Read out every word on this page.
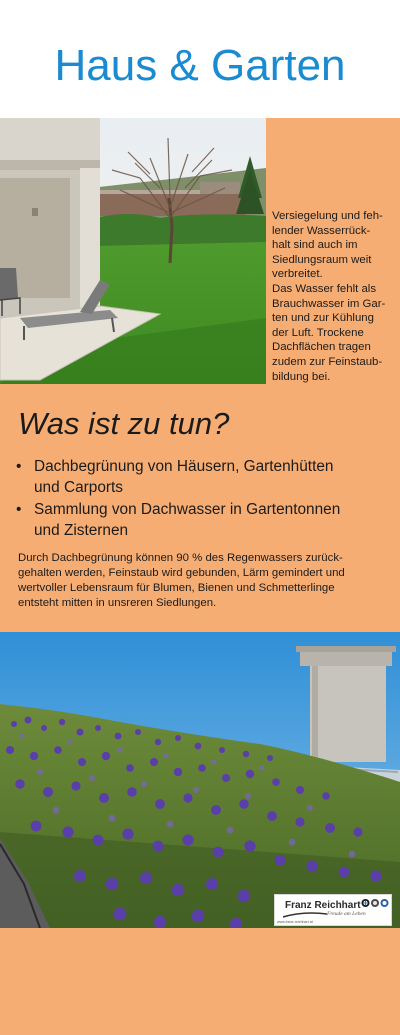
Haus & Garten

Versiegelung und feh-

lender Wasserrück-

halt sind auch im

Siedlungsraum weit

verbreitet.

Das Wasser fehlt als

Brauchwasser im Gar-

ten und zur Kühlung

der Luft. Trockene

Dachflächen tragen

zudem zur Feinstaub-

bildung bei.

Was ist zu tun?
• Dachbegrünung von Häusern, Gartenhütten
und Carports
• Sammlung von Dachwasser in Gartentonnen
und Zisternen
Durch Dachbegrünung können 90 % des Regenwassers zurück-
gehalten werden, Feinstaub wird gebunden, Lärm gemindert und
wertvoller Lebensraum für Blumen, Bienen und Schmetterlinge
entsteht mitten in unsreren Siedlungen.
Franz Reichhart
Freude am Leben
www.franz-reichhart.at
